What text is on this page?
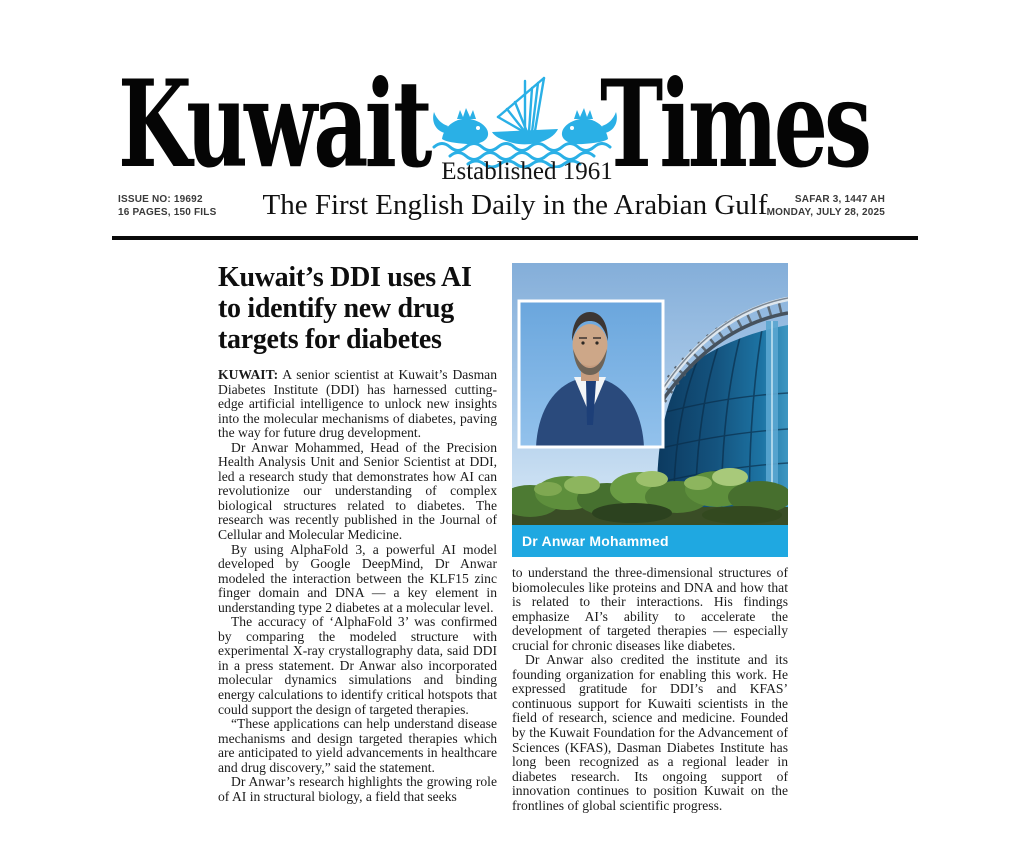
Kuwait Times
Established 1961
ISSUE NO: 19692
16 PAGES, 150 FILS	The First English Daily in the Arabian Gulf	SAFAR 3, 1447 AH
MONDAY, JULY 28, 2025
Kuwait’s DDI uses AI to identify new drug targets for diabetes

KUWAIT: A senior scientist at Kuwait’s Dasman Diabetes Institute (DDI) has harnessed cutting-edge artificial intelligence to unlock new insights into the molecular mechanisms of diabetes, paving the way for future drug development.

Dr Anwar Mohammed, Head of the Precision Health Analysis Unit and Senior Scientist at DDI, led a research study that demonstrates how AI can revolutionize our understanding of complex biological structures related to diabetes. The research was recently published in the Journal of Cellular and Molecular Medicine.

By using AlphaFold 3, a powerful AI model developed by Google DeepMind, Dr Anwar modeled the interaction between the KLF15 zinc finger domain and DNA — a key element in understanding type 2 diabetes at a molecular level.

The accuracy of ‘AlphaFold 3’ was confirmed by comparing the modeled structure with experimental X-ray crystallography data, said DDI in a press statement. Dr Anwar also incorporated molecular dynamics simulations and binding energy calculations to identify critical hotspots that could support the design of targeted therapies.

“These applications can help understand disease mechanisms and design targeted therapies which are anticipated to yield advancements in healthcare and drug discovery,” said the statement.

Dr Anwar’s research highlights the growing role of AI in structural biology, a field that seeks

Dr Anwar Mohammed

to understand the three-dimensional structures of biomolecules like proteins and DNA and how that is related to their interactions. His findings emphasize AI’s ability to accelerate the development of targeted therapies — especially crucial for chronic diseases like diabetes.

Dr Anwar also credited the institute and its founding organization for enabling this work. He expressed gratitude for DDI’s and KFAS’ continuous support for Kuwaiti scientists in the field of research, science and medicine. Founded by the Kuwait Foundation for the Advancement of Sciences (KFAS), Dasman Diabetes Institute has long been recognized as a regional leader in diabetes research. Its ongoing support of innovation continues to position Kuwait on the frontlines of global scientific progress.
